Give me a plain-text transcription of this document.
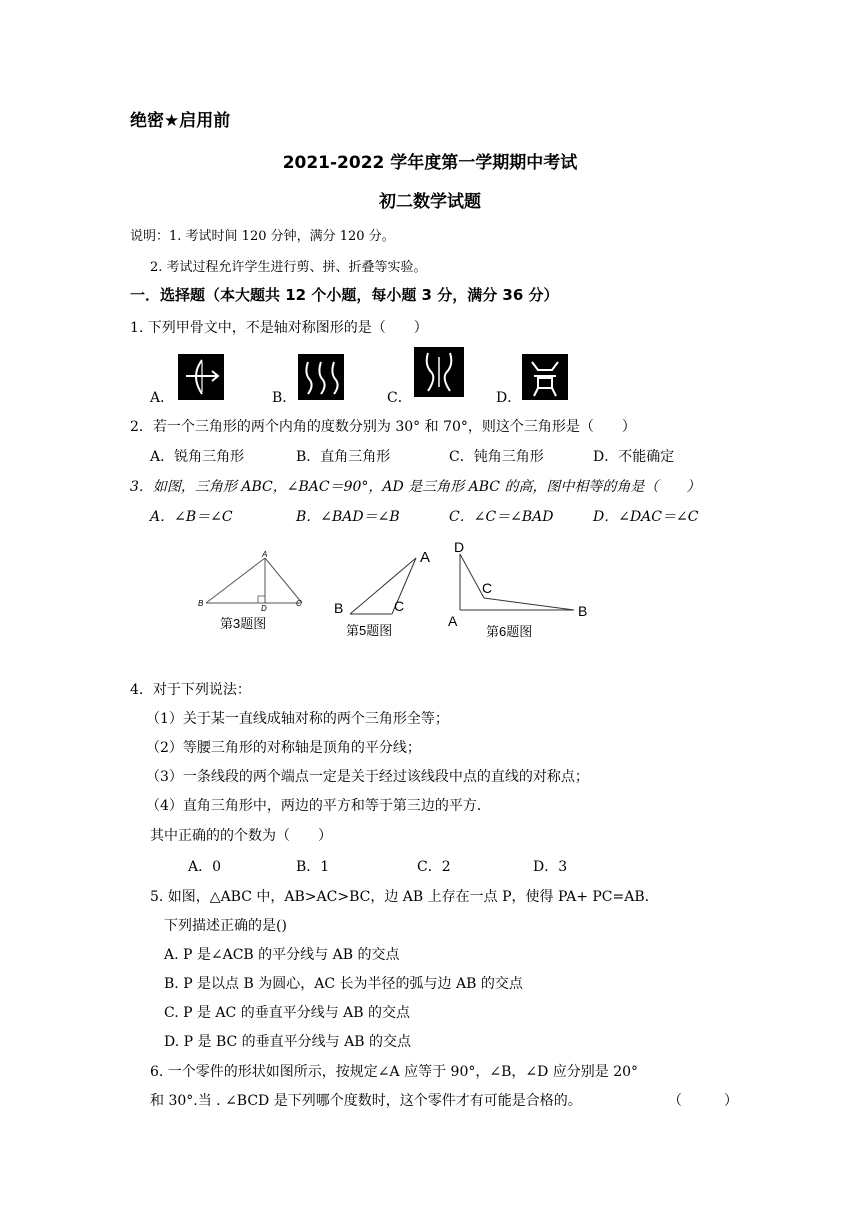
绝密★启用前
2021-2022 学年度第一学期期中考试
初二数学试题
说明：1. 考试时间 120 分钟，满分 120 分。
2. 考试过程允许学生进行剪、拼、折叠等实验。
一．选择题（本大题共 12 个小题，每小题 3 分，满分 36 分）
1. 下列甲骨文中，不是轴对称图形的是（　　）
A．	B．	C．	D．
2．若一个三角形的两个内角的度数分别为 30° 和 70°，则这个三角形是（　　）
A．锐角三角形	B．直角三角形	C．钝角三角形	D．不能确定
3．如图，三角形 ABC，∠BAC＝90°，AD 是三角形 ABC 的高，图中相等的角是（　　）
A．∠B＝∠C	B．∠BAD＝∠B	C．∠C＝∠BAD	D．∠DAC＝∠C
A
B	C
D
第3题图
A
B	C
第5题图
D
C
B
A
第6题图
4．对于下列说法：
（1）关于某一直线成轴对称的两个三角形全等；
（2）等腰三角形的对称轴是顶角的平分线；
（3）一条线段的两个端点一定是关于经过该线段中点的直线的对称点；
（4）直角三角形中，两边的平方和等于第三边的平方．
其中正确的的个数为（　　）
A．0	B．1	C．2	D．3
5. 如图，△ABC 中，AB>AC>BC，边 AB 上存在一点 P，使得 PA+ PC=AB.
下列描述正确的是()
A. P 是∠ACB 的平分线与 AB 的交点
B. P 是以点 B 为圆心，AC 长为半径的弧与边 AB 的交点
C. P 是 AC 的垂直平分线与 AB 的交点
D. P 是 BC 的垂直平分线与 AB 的交点
6. 一个零件的形状如图所示，按规定∠A 应等于 90°，∠B，∠D 应分别是 20°
和 30°.当 . ∠BCD 是下列哪个度数时，这个零件才有可能是合格的。	（　　　）
